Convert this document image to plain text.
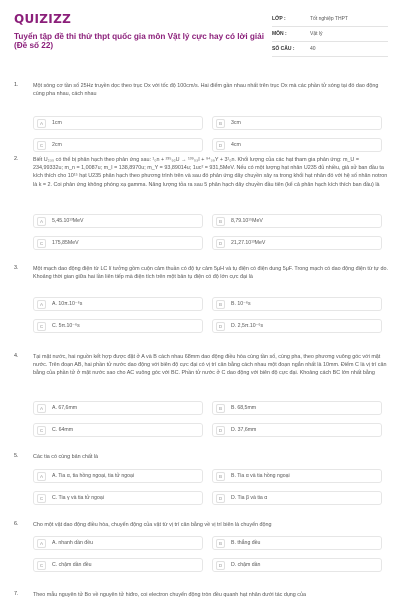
QUIZIZZ
Tuyển tập đề thi thử thpt quốc gia môn Vật lý cực hay có lời giải (Đề số 22)
LỚP :	Tốt nghiệp THPT
MÔN :	Vật lý
SỐ CÂU :	40
1.	Một sóng cơ tần số 25Hz truyền dọc theo trục Ox với tốc độ 100cm/s. Hai điểm gần nhau nhất trên trục Ox mà các phần tử sóng tại đó dao động cùng pha nhau, cách nhau
A	1cm	B	3cm
C	2cm	D	4cm
2.	Biết U₂₃₅ có thể bị phân hạch theo phản ứng sau: ¹₀n + ²³⁵₉₂U → ¹³⁹₅₃I + ⁹⁴₃₉Y + 3¹₀n. Khối lượng của các hạt tham gia phản ứng: m_U = 234,99332u; m_n = 1,0087u; m_I = 138,8970u; m_Y = 93,89014u; 1uc² = 931,5MeV. Nếu có một lượng hạt nhân U235 đủ nhiều, giả sử ban đầu ta kích thích cho 10¹⁵ hạt U235 phân hạch theo phương trình trên và sau đó phản ứng dây chuyền xảy ra trong khối hạt nhân đó với hệ số nhân notron là k = 2. Coi phản ứng không phóng xạ gamma. Năng lượng tỏa ra sau 5 phân hạch dây chuyền đầu tiên (kể cả phân hạch kích thích ban đầu) là
A	5,45.10¹³MeV	B	8,79.10¹⁵MeV
C	175,85MeV	D	21,27.10¹³MeV
3.	Một mạch dao động điện từ LC lí tưởng gồm cuộn cảm thuần có độ tự cảm 5μH và tụ điện có điện dung 5μF. Trong mạch có dao động điện từ tự do. Khoảng thời gian giữa hai lần liên tiếp mà điện tích trên một bản tụ điện có độ lớn cực đại là
A	A. 10π.10⁻⁶s	B	B. 10⁻⁶s
C	C. 5π.10⁻⁶s	D	D. 2,5π.10⁻⁶s
4.	Tại mặt nước, hai nguồn kết hợp được đặt ở A và B cách nhau 68mm dao động điều hòa cùng tần số, cùng pha, theo phương vuông góc với mặt nước. Trên đoạn AB, hai phần tử nước dao động với biên độ cực đại có vị trí cân bằng cách nhau một đoạn ngắn nhất là 10mm. Điểm C là vị trí cân bằng của phần tử ở mặt nước sao cho AC vuông góc với BC. Phần tử nước ở C dao động với biên độ cực đại. Khoảng cách BC lớn nhất bằng
A	A. 67,6mm	B	B. 68,5mm
C	C. 64mm	D	D. 37,6mm
5.	Các tia có cùng bản chất là
A	A. Tia α, tia hồng ngoại, tia tử ngoại	B	B. Tia α và tia hồng ngoại
C	C. Tia γ và tia tử ngoại	D	D. Tia β và tia α
6.	Cho một vật dao động điều hòa, chuyển động của vật từ vị trí cân bằng về vị trí biên là chuyển động
A	A. nhanh dần đều	B	B. thẳng đều
C	C. chậm dần đều	D	D. chậm dần
7.	Theo mẫu nguyên tử Bo về nguyên tử hiđro, coi electron chuyển động tròn đều quanh hạt nhân dưới tác dụng của
